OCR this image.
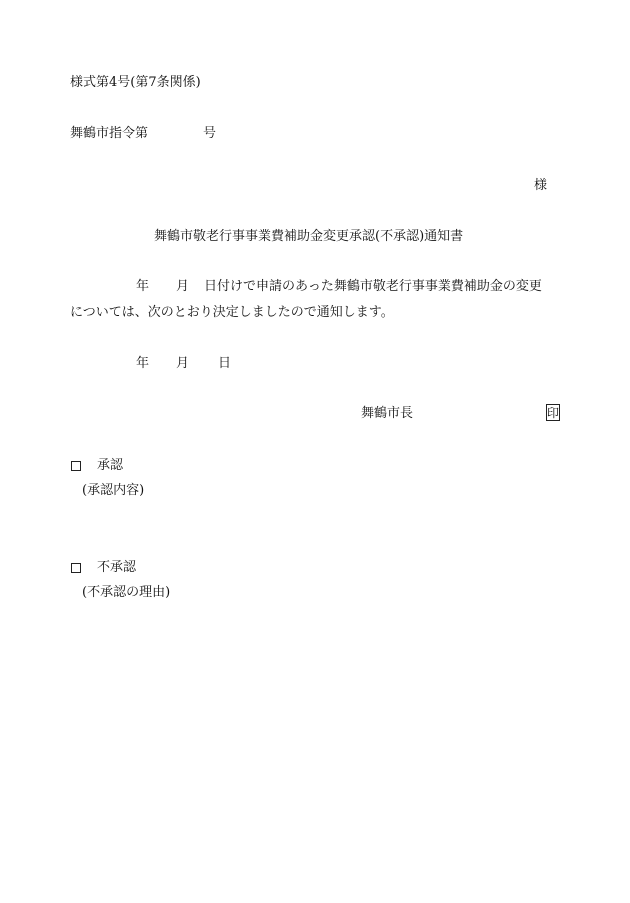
様式第4号(第7条関係)
舞鶴市指令第	号
様
舞鶴市敬老行事事業費補助金変更承認(不承認)通知書
年 月 日付けで申請のあった舞鶴市敬老行事事業費補助金の変更
については、次のとおり決定しましたので通知します。
年 月 日
舞鶴市長	印
承認
(承認内容)
不承認
(不承認の理由)
